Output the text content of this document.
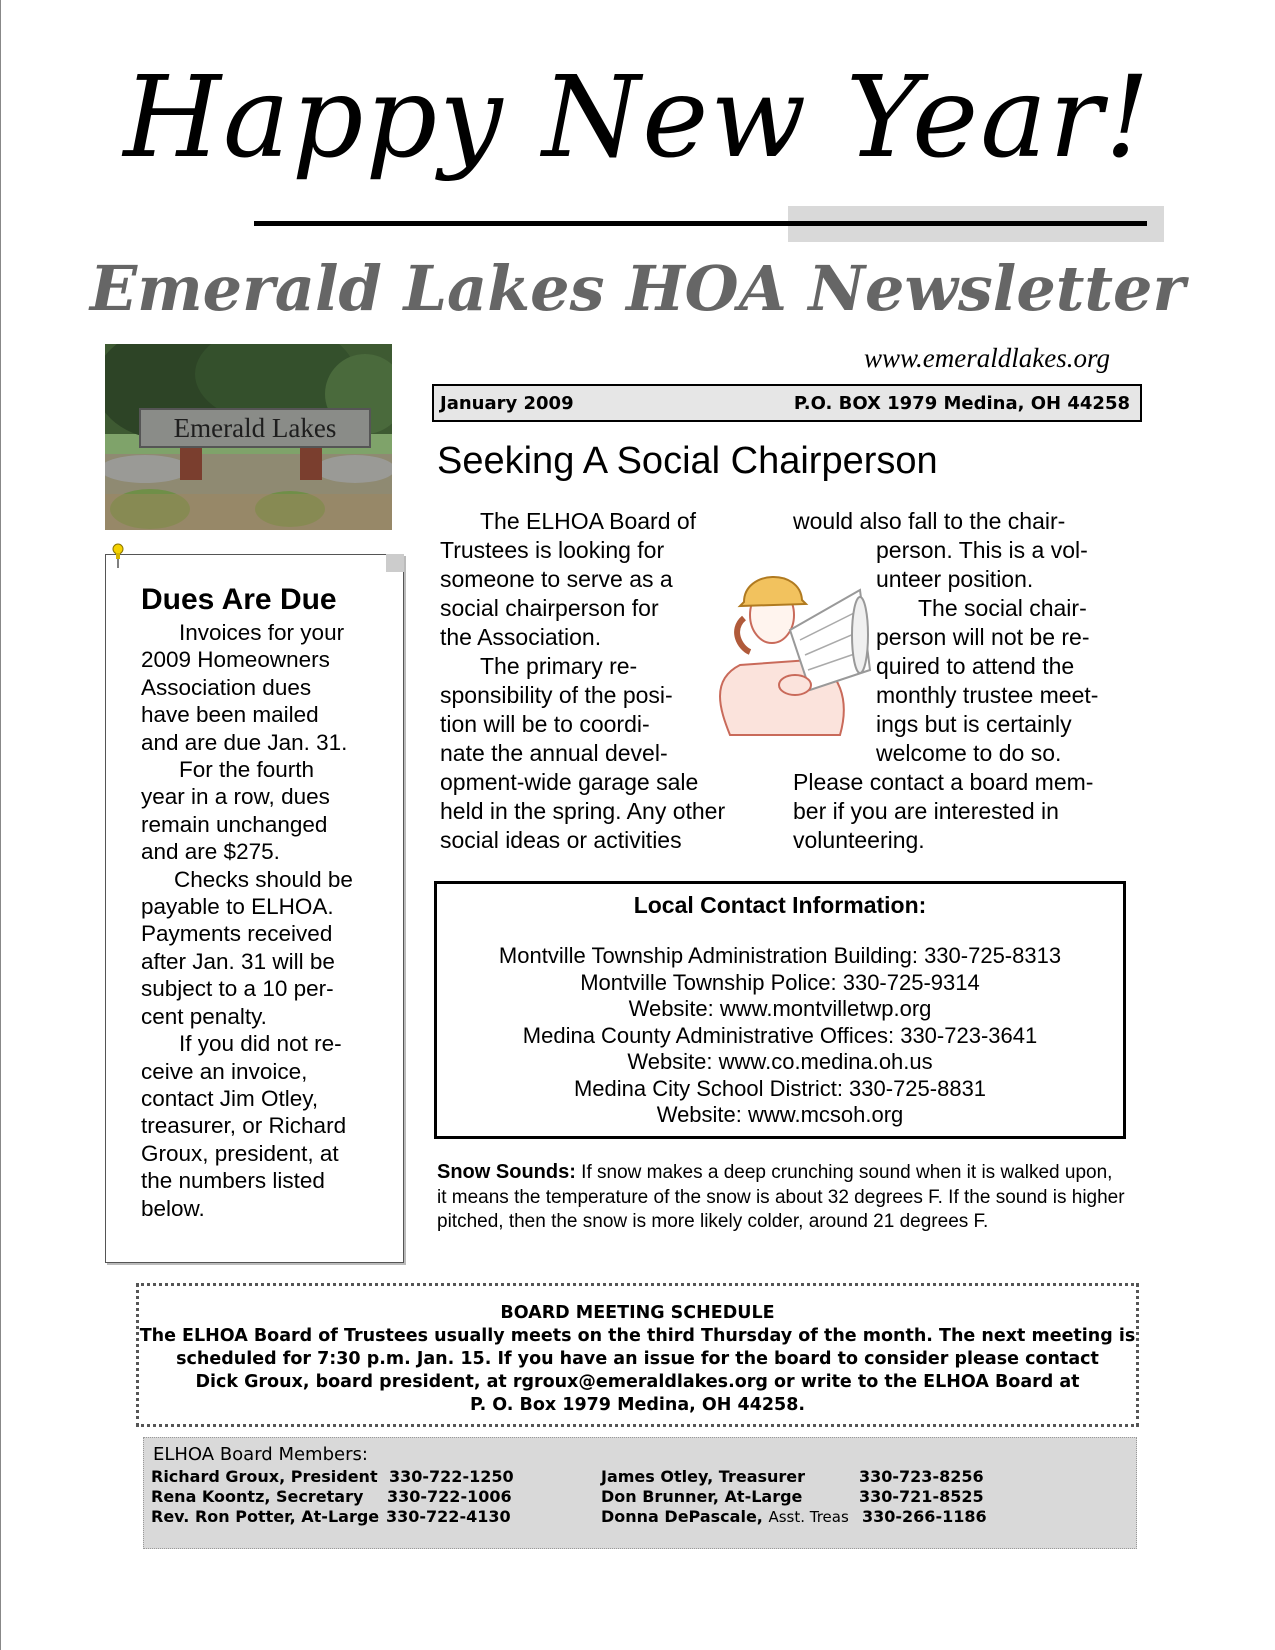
Happy New Year!
Emerald Lakes HOA Newsletter
www.emeraldlakes.org
Emerald Lakes
January 2009	P.O. BOX 1979 Medina, OH 44258
Seeking A Social Chairperson
The ELHOA Board of
Trustees is looking for
someone to serve as a
social chairperson for
the Association.
The primary re-
sponsibility of the posi-
tion will be to coordi-
nate the annual devel-
opment-wide garage sale
held in the spring. Any other
social ideas or activities
would also fall to the chair-
person. This is a vol-
unteer position.
The social chair-
person will not be re-
quired to attend the
monthly trustee meet-
ings but is certainly
welcome to do so.
Please contact a board mem-
ber if you are interested in
volunteering.
Local Contact Information:
Montville Township Administration Building: 330-725-8313
Montville Township Police: 330-725-9314
Website: www.montvilletwp.org
Medina County Administrative Offices: 330-723-3641
Website: www.co.medina.oh.us
Medina City School District: 330-725-8831
Website: www.mcsoh.org
Snow Sounds: If snow makes a deep crunching sound when it is walked upon, it means the temperature of the snow is about 32 degrees F. If the sound is higher pitched, then the snow is more likely colder, around 21 degrees F.
Dues Are Due
Invoices for your
2009 Homeowners
Association dues
have been mailed
and are due Jan. 31.
For the fourth
year in a row, dues
remain unchanged
and are $275.
Checks should be
payable to ELHOA.
Payments received
after Jan. 31 will be
subject to a 10 per-
cent penalty.
If you did not re-
ceive an invoice,
contact Jim Otley,
treasurer, or Richard
Groux, president, at
the numbers listed
below.
BOARD MEETING SCHEDULE
The ELHOA Board of Trustees usually meets on the third Thursday of the month. The next meeting is
scheduled for 7:30 p.m. Jan. 15. If you have an issue for the board to consider please contact
Dick Groux, board president, at rgroux@emeraldlakes.org or write to the ELHOA Board at
P. O. Box 1979 Medina, OH 44258.
ELHOA Board Members:
Richard Groux, President 330-722-1250
Rena Koontz, Secretary 330-722-1006
Rev. Ron Potter, At-Large 330-722-4130
James Otley, Treasurer	330-723-8256
Don Brunner, At-Large	330-721-8525
Donna DePascale, Asst. Treas 330-266-1186
